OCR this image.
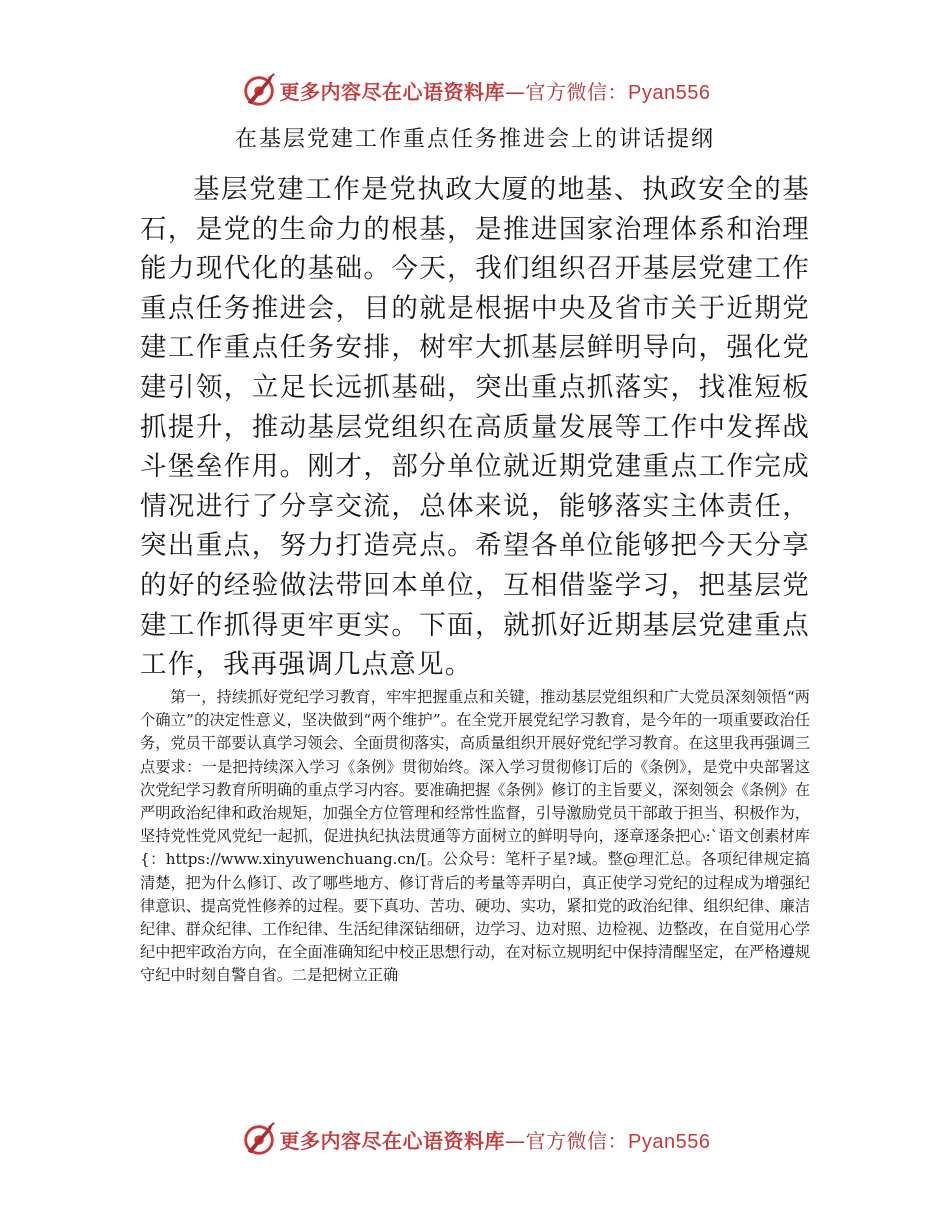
更多内容尽在心语资料库—官方微信：Pyan556
在基层党建工作重点任务推进会上的讲话提纲

基层党建工作是党执政大厦的地基、执政安全的基石，是党的生命力的根基，是推进国家治理体系和治理能力现代化的基础。今天，我们组织召开基层党建工作重点任务推进会，目的就是根据中央及省市关于近期党建工作重点任务安排，树牢大抓基层鲜明导向，强化党建引领，立足长远抓基础，突出重点抓落实，找准短板抓提升，推动基层党组织在高质量发展等工作中发挥战斗堡垒作用。刚才，部分单位就近期党建重点工作完成情况进行了分享交流，总体来说，能够落实主体责任，突出重点，努力打造亮点。希望各单位能够把今天分享的好的经验做法带回本单位，互相借鉴学习，把基层党建工作抓得更牢更实。下面，就抓好近期基层党建重点工作，我再强调几点意见。

第一，持续抓好党纪学习教育，牢牢把握重点和关键，推动基层党组织和广大党员深刻领悟“两个确立”的决定性意义，坚决做到“两个维护”。在全党开展党纪学习教育，是今年的一项重要政治任务，党员干部要认真学习领会、全面贯彻落实，高质量组织开展好党纪学习教育。在这里我再强调三点要求：一是把持续深入学习《条例》贯彻始终。深入学习贯彻修订后的《条例》，是党中央部署这次党纪学习教育所明确的重点学习内容。要准确把握《条例》修订的主旨要义，深刻领会《条例》在严明政治纪律和政治规矩，加强全方位管理和经常性监督，引导激励党员干部敢于担当、积极作为，坚持党性党风党纪一起抓，促进执纪执法贯通等方面树立的鲜明导向，逐章逐条把心:`语文创素材库{：https://www.xinyuwenchuang.cn/[。公众号：笔杆子星?域。整@理汇总。各项纪律规定搞清楚，把为什么修订、改了哪些地方、修订背后的考量等弄明白，真正使学习党纪的过程成为增强纪律意识、提高党性修养的过程。要下真功、苦功、硬功、实功，紧扣党的政治纪律、组织纪律、廉洁纪律、群众纪律、工作纪律、生活纪律深钻细研，边学习、边对照、边检视、边整改，在自觉用心学纪中把牢政治方向，在全面准确知纪中校正思想行动，在对标立规明纪中保持清醒坚定，在严格遵规守纪中时刻自警自省。二是把树立正确

更多内容尽在心语资料库—官方微信：Pyan556
